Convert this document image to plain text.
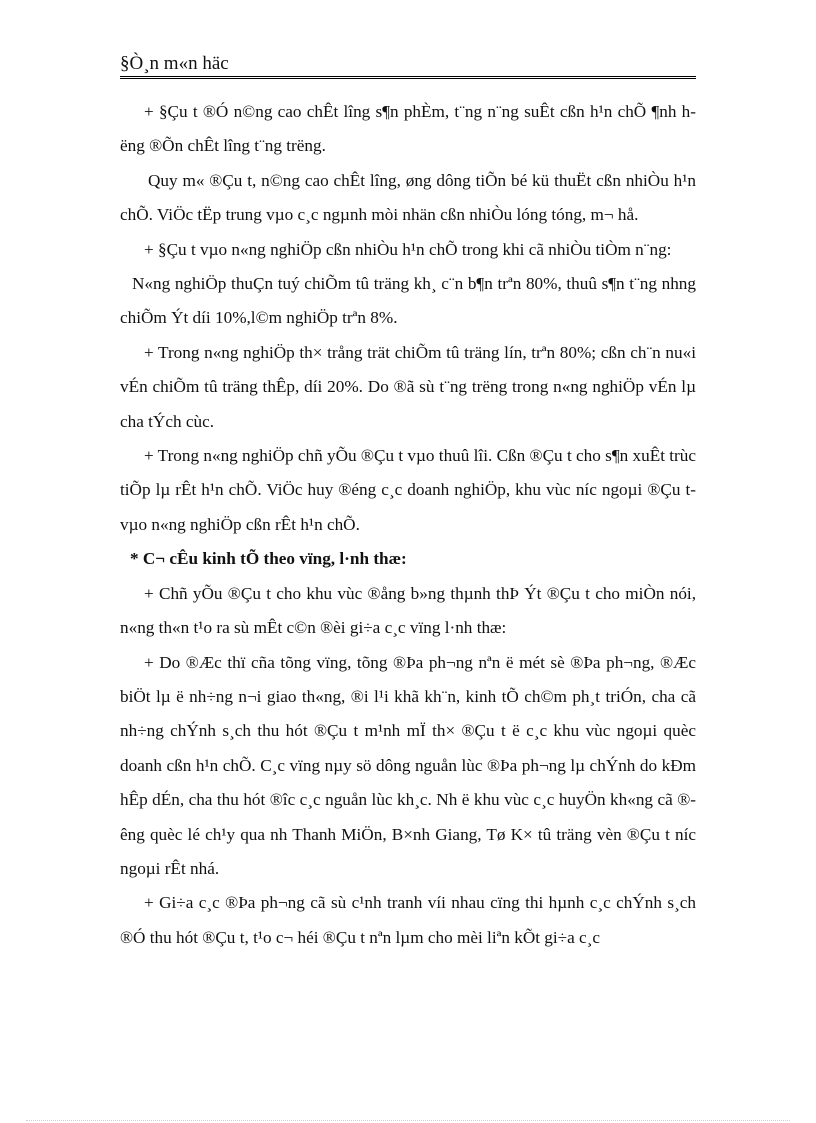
§Ò¸n m«n häc

+ §Çu t ®Ó n©ng cao chÊt lîng s¶n phÈm, t¨ng n¨ng suÊt cßn h¹n chÕ ¶nh hëng ®Õn chÊt lîng t¨ng trëng.

Quy m« ®Çu t, n©ng cao chÊt lîng, øng dông tiÕn bé kü thuËt cßn nhiÒu h¹n chÕ. ViÖc tËp trung vµo c¸c ngµnh mòi nhän cßn nhiÒu lóng tóng, m¬ hå.

+ §Çu t vµo n«ng nghiÖp cßn nhiÒu h¹n chÕ trong khi cã nhiÒu tiÒm n¨ng:

N«ng nghiÖp thuÇn tuý chiÕm tû träng kh¸ c¨n b¶n trªn 80%, thuû s¶n t¨ng nhng chiÕm Ýt díi 10%,l©m nghiÖp trªn 8%.

+ Trong n«ng nghiÖp th× trång trät chiÕm tû träng lín, trªn 80%; cßn ch¨n nu«i vÉn chiÕm tû träng thÊp, díi 20%. Do ®ã sù t¨ng trëng trong n«ng nghiÖp vÉn lµ cha tÝch cùc.

+ Trong n«ng nghiÖp chñ yÕu ®Çu t vµo thuû lîi. Cßn ®Çu t cho s¶n xuÊt trùc tiÕp lµ rÊt h¹n chÕ. ViÖc huy ®éng c¸c doanh nghiÖp, khu vùc níc ngoµi ®Çu t vµo n«ng nghiÖp cßn rÊt h¹n chÕ.

* C¬ cÊu kinh tÕ theo vïng, l·nh thæ:

+ Chñ yÕu ®Çu t cho khu vùc ®ång b»ng thµnh thÞ Ýt ®Çu t cho miÒn nói, n«ng th«n t¹o ra sù mÊt c©n ®èi gi÷a c¸c vïng l·nh thæ:

+ Do ®Æc thï cña tõng vïng, tõng ®Þa ph¬ng nªn ë mét sè ®Þa ph¬ng, ®Æc biÖt lµ ë nh÷ng n¬i giao th«ng, ®i l¹i khã kh¨n, kinh tÕ ch©m ph¸t triÓn, cha cã nh÷ng chÝnh s¸ch thu hót ®Çu t m¹nh mÏ th× ®Çu t ë c¸c khu vùc ngoµi quèc doanh cßn h¹n chÕ. C¸c vïng nµy sö dông nguån lùc ®Þa ph¬ng lµ chÝnh do kÐm hÊp dÉn, cha thu hót ®îc c¸c nguån lùc kh¸c. Nh ë khu vùc c¸c huyÖn kh«ng cã ®êng quèc lé ch¹y qua nh Thanh MiÖn, B×nh Giang, Tø K× tû träng vèn ®Çu t níc ngoµi rÊt nhá.

+ Gi÷a c¸c ®Þa ph¬ng cã sù c¹nh tranh víi nhau cïng thi hµnh c¸c chÝnh s¸ch ®Ó thu hót ®Çu t, t¹o c¬ héi ®Çu t nªn lµm cho mèi liªn kÕt gi÷a c¸c
